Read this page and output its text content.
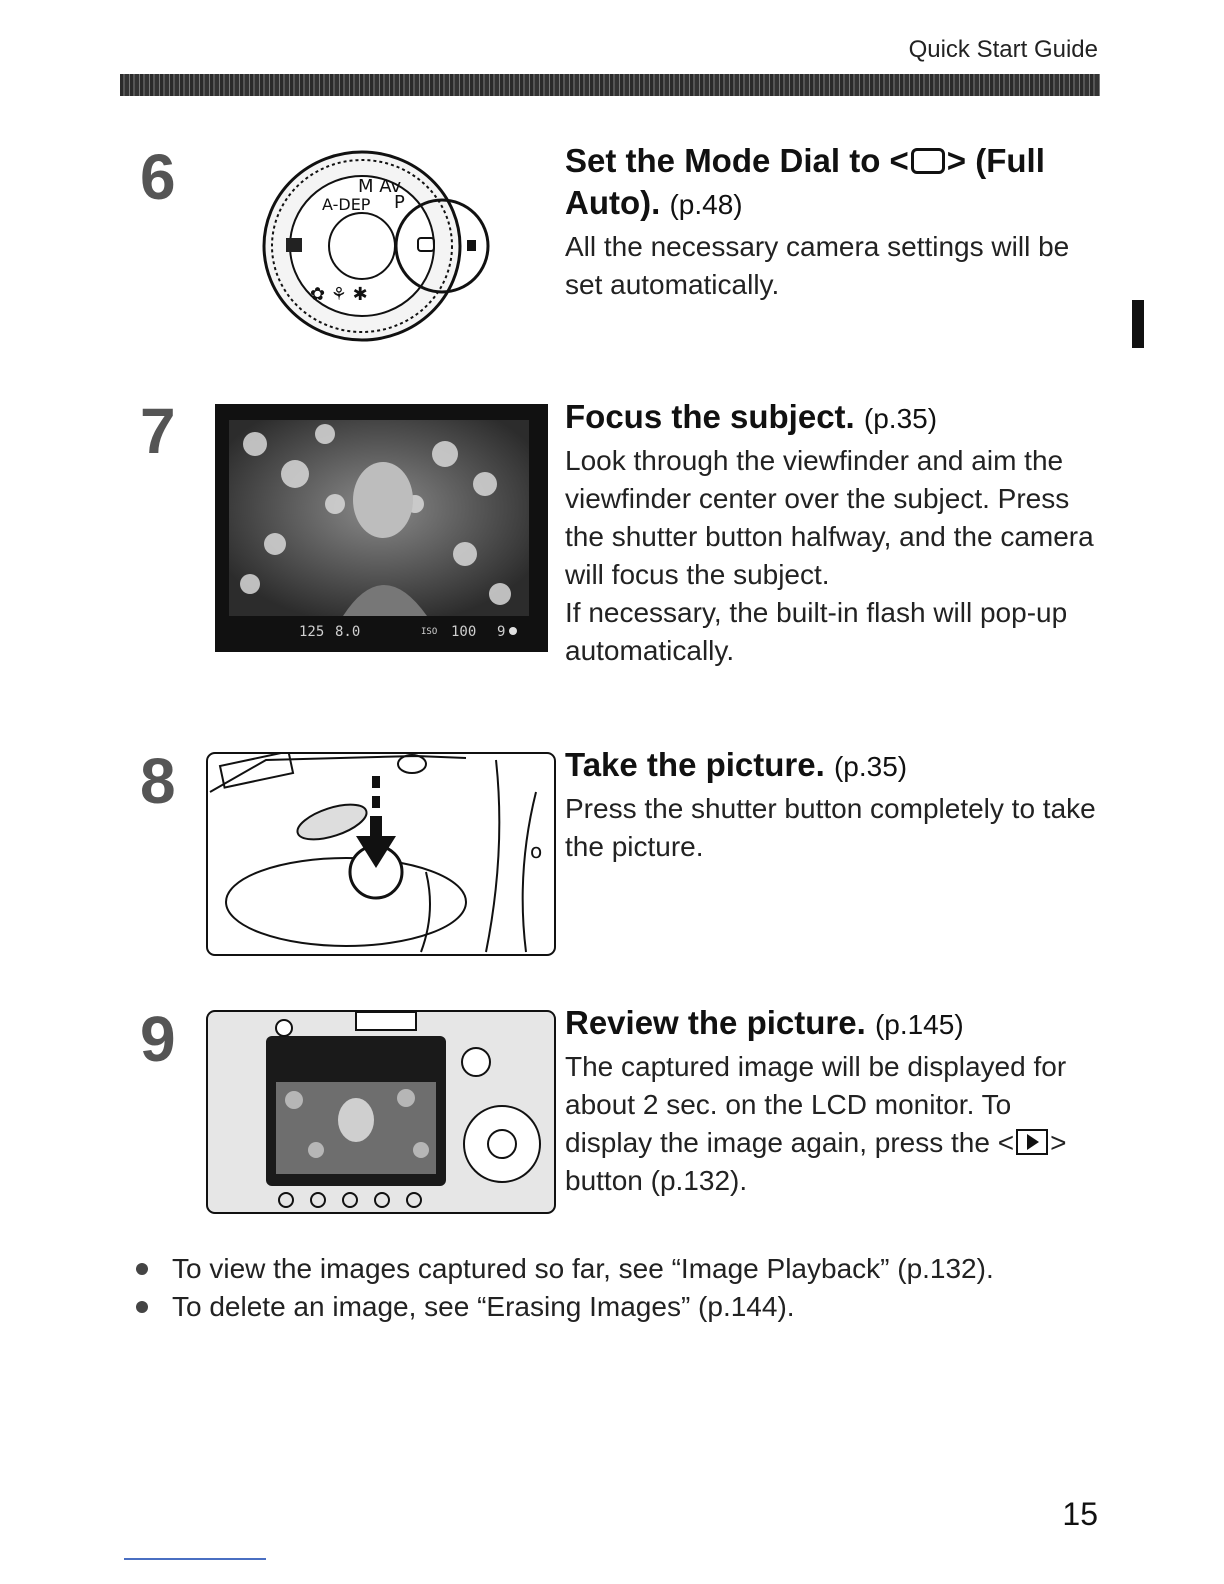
Quick Start Guide
6	A-DEP
M Av
P
✿ ⚘ ✱
Set the Mode Dial to < > (Full Auto). (p.48)
All the necessary camera settings will be set automatically.
7
125 8.0	ISO 100 9
Focus the subject. (p.35)
Look through the viewfinder and aim the viewfinder center over the subject. Press the shutter button halfway, and the camera will focus the subject.
If necessary, the built-in flash will pop-up automatically.
8
o
Take the picture. (p.35)
Press the shutter button completely to take the picture.
9	Review the picture. (p.145)
The captured image will be displayed for about 2 sec. on the LCD monitor. To display the image again, press the < > button (p.132).
To view the images captured so far, see “Image Playback” (p.132).
To delete an image, see “Erasing Images” (p.144).
15
